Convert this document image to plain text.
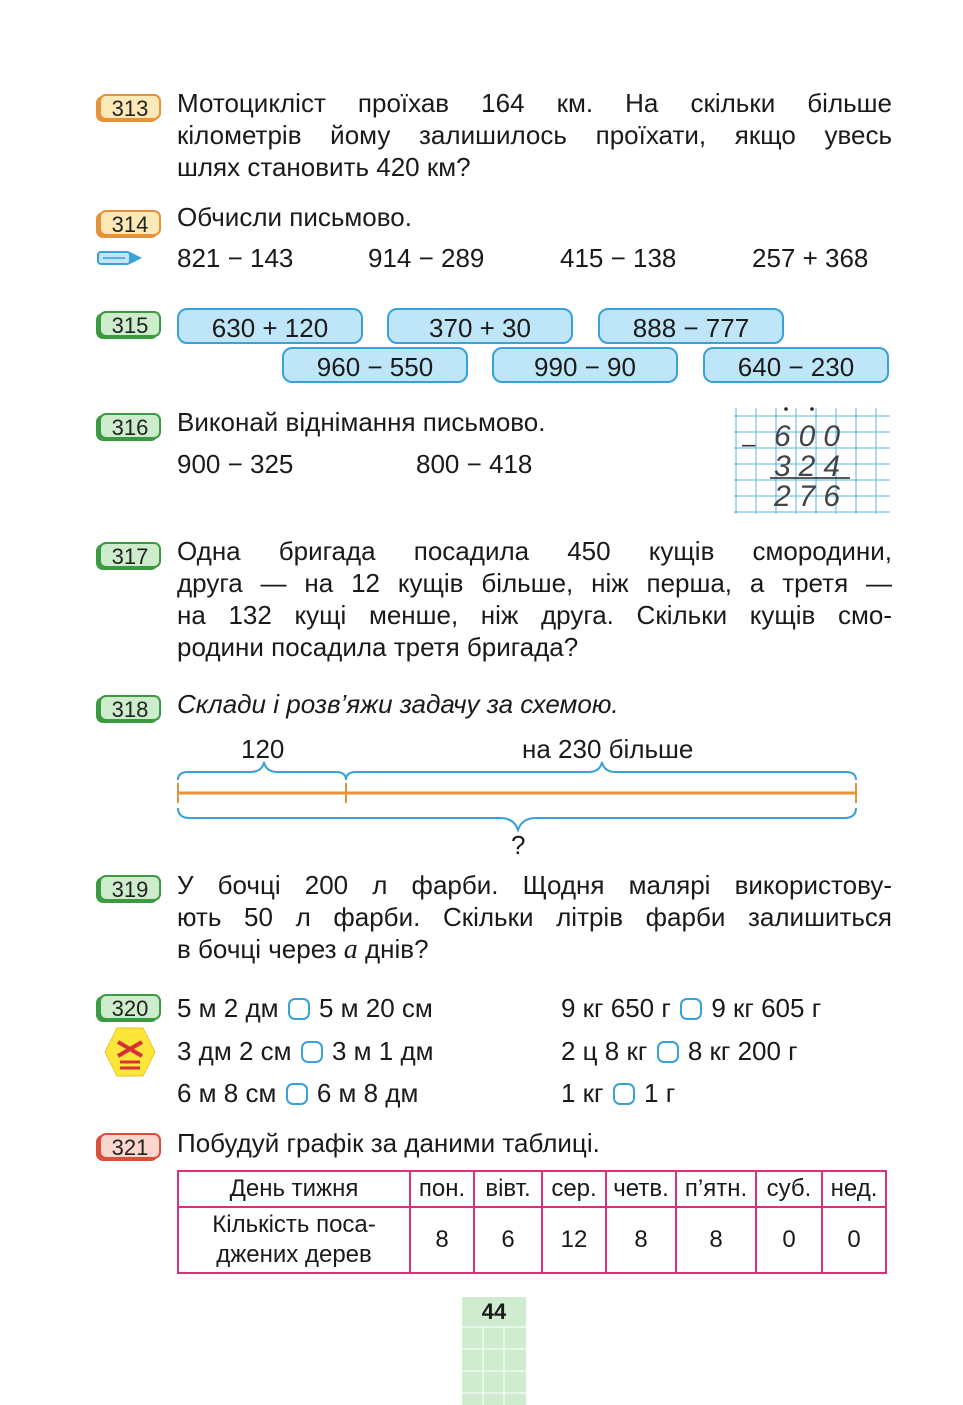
313	Мотоцикліст проїхав 164 км. На скільки більше
кілометрів йому залишилось проїхати, якщо увесь
шлях становить 420 км?
314	Обчисли письмово.
821 − 143	914 − 289	415 − 138	257 + 368
315	630 + 120	370 + 30	888 − 777
960 − 550	990 − 90	640 − 230
316	Виконай віднімання письмово.
900 − 325	800 − 418
– 600
324
276
317	Одна бригада посадила 450 кущів смородини,
друга — на 12 кущів більше, ніж перша, а третя —
на 132 кущі менше, ніж друга. Скільки кущів смо-
родини посадила третя бригада?
318	Склади і розв’яжи задачу за схемою.
120	на 230 більше
?
319	У бочці 200 л фарби. Щодня малярі використову-
ють 50 л фарби. Скільки літрів фарби залишиться
в бочці через а днів?
320	5 м 2 дм 5 м 20 см
3 дм 2 см 3 м 1 дм
6 м 8 см 6 м 8 дм
9 кг 650 г 9 кг 605 г
2 ц 8 кг 8 кг 200 г
1 кг 1 г
321	Побудуй графік за даними таблиці.
День тижня	пон.	вівт.	сер.	четв.	п’ятн.	суб.	нед.

Кількість поса-
джених дерев	8	6	12	8	8	0	0
44
